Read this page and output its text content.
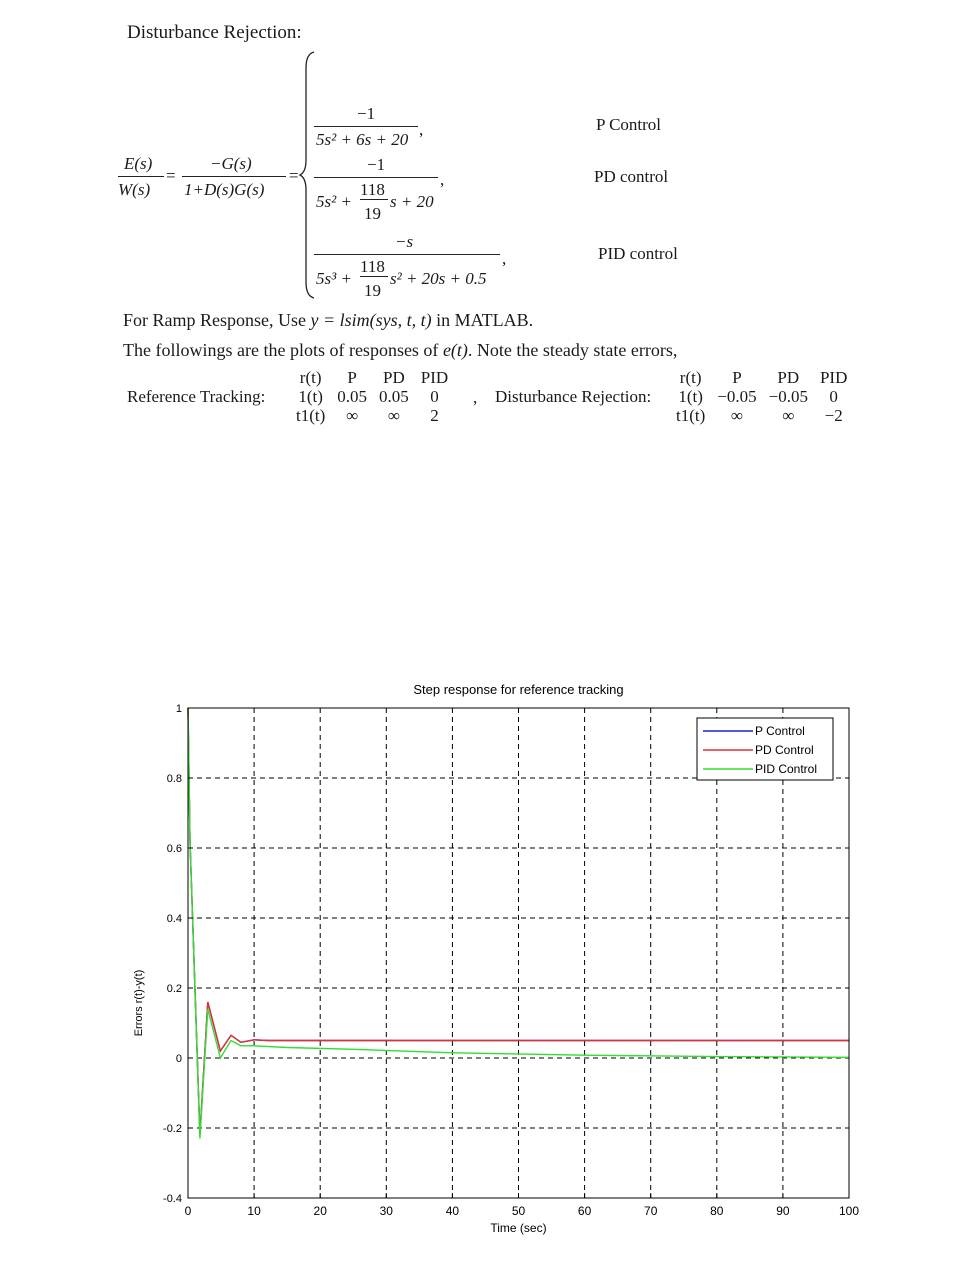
Disturbance Rejection:
E(s)
W(s)
=
−G(s)
1+D(s)G(s)
=
−1
5s² + 6s + 20
,	P Control
−1
5s² +
118
19
s + 20
,	PD control
−s
5s³ +
118
19
s² + 20s + 0.5
,	PID control
For Ramp Response, Use y = lsim(sys, t, t) in MATLAB.
The followings are the plots of responses of e(t). Note the steady state errors,
Reference Tracking:
r(t)	P	PD	PID
1(t)	0.05	0.05	0
t1(t)	∞	∞	2
, Disturbance Rejection:
r(t)	P	PD	PID
1(t)	−0.05	−0.05	0
t1(t)	∞	∞	−2
0	10	20	30	40	50	60	70	80	90	100
-0.4
-0.2
0
0.2
0.4
0.6
0.8
1
Step response for reference tracking
Time (sec)
Errors r(t)-y(t)
P Control
PD Control
PID Control
